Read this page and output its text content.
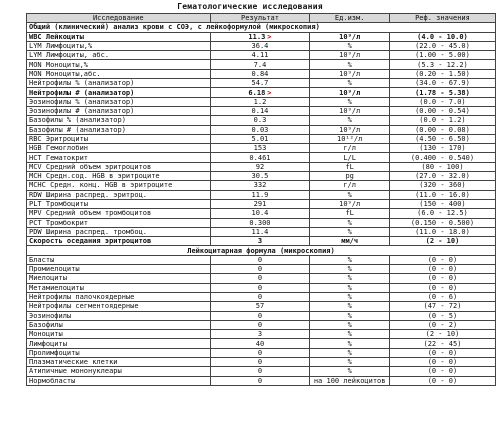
Гематологические исследования
Исследование	Результат	Ед.изм.	Реф. значения
Общий (клинический) анализ крови с СОЭ, с лейкоформулой (микроскопия)			
WBC Лейкоциты	11.3 >	10⁹/л	(4.0 - 10.0)
LYM Лимфоциты,%	36.4	%	(22.0 - 45.0)
LYM Лимфоциты, абс.	4.11	10⁹/л	(1.00 - 5.00)
MON Моноциты,%	7.4	%	(5.3 - 12.2)
MON Моноциты,абс.	0.84	10⁹/л	(0.20 - 1.50)
Нейтрофилы % (анализатор)	54.7	%	(34.0 - 67.9)
Нейтрофилы # (анализатор)	6.18 >	10⁹/л	(1.78 - 5.38)
Эозинофилы % (анализатор)	1.2	%	(0.0 - 7.0)
Эозинофилы # (анализатор)	0.14	10⁹/л	(0.00 - 0.54)
Базофилы % (анализатор)	0.3	%	(0.0 - 1.2)
Базофилы # (анализатор)	0.03	10⁹/л	(0.00 - 0.08)
RBC Эритроциты	5.01	10¹²/л	(4.50 - 6.50)
HGB Гемоглобин	153	г/л	(130 - 170)
HCT Гематокрит	0.461	L/L	(0.400 - 0.540)
MCV Средний объем эритроцитов	92	fL	(80 - 100)
MCH Средн.сод. HGB в эритроците	30.5	pg	(27.0 - 32.0)
MCHC Средн. конц. HGB в эритроците	332	г/л	(320 - 360)
RDW Ширина распред. эритроц.	11.9	%	(11.0 - 16.0)
PLT Тромбоциты	291	10⁹/л	(150 - 400)
MPV Средний объем тромбоцитов	10.4	fL	(6.0 - 12.5)
PCT Тромбокрит	0.300	%	(0.150 - 0.500)
PDW Ширина распред. тромбоц.	11.4	%	(11.0 - 18.0)
Скорость оседания эритроцитов	3	мм/ч	(2 - 10)
Лейкоцитарная формула (микроскопия)			
Бласты	0	%	(0 - 0)
Промиелоциты	0	%	(0 - 0)
Миелоциты	0	%	(0 - 0)
Метамиелоциты	0	%	(0 - 0)
Нейтрофилы палочкоядерные	0	%	(0 - 6)
Нейтрофилы сегментоядерные	57	%	(47 - 72)
Эозинофилы	0	%	(0 - 5)
Базофилы	0	%	(0 - 2)
Моноциты	3	%	(2 - 10)
Лимфоциты	40	%	(22 - 45)
Пролимфоциты	0	%	(0 - 0)
Плазматические клетки	0	%	(0 - 0)
Атипичные мононуклеары	0	%	(0 - 0)
Нормобласты	0	на 100 лейкоцитов	(0 - 0)
